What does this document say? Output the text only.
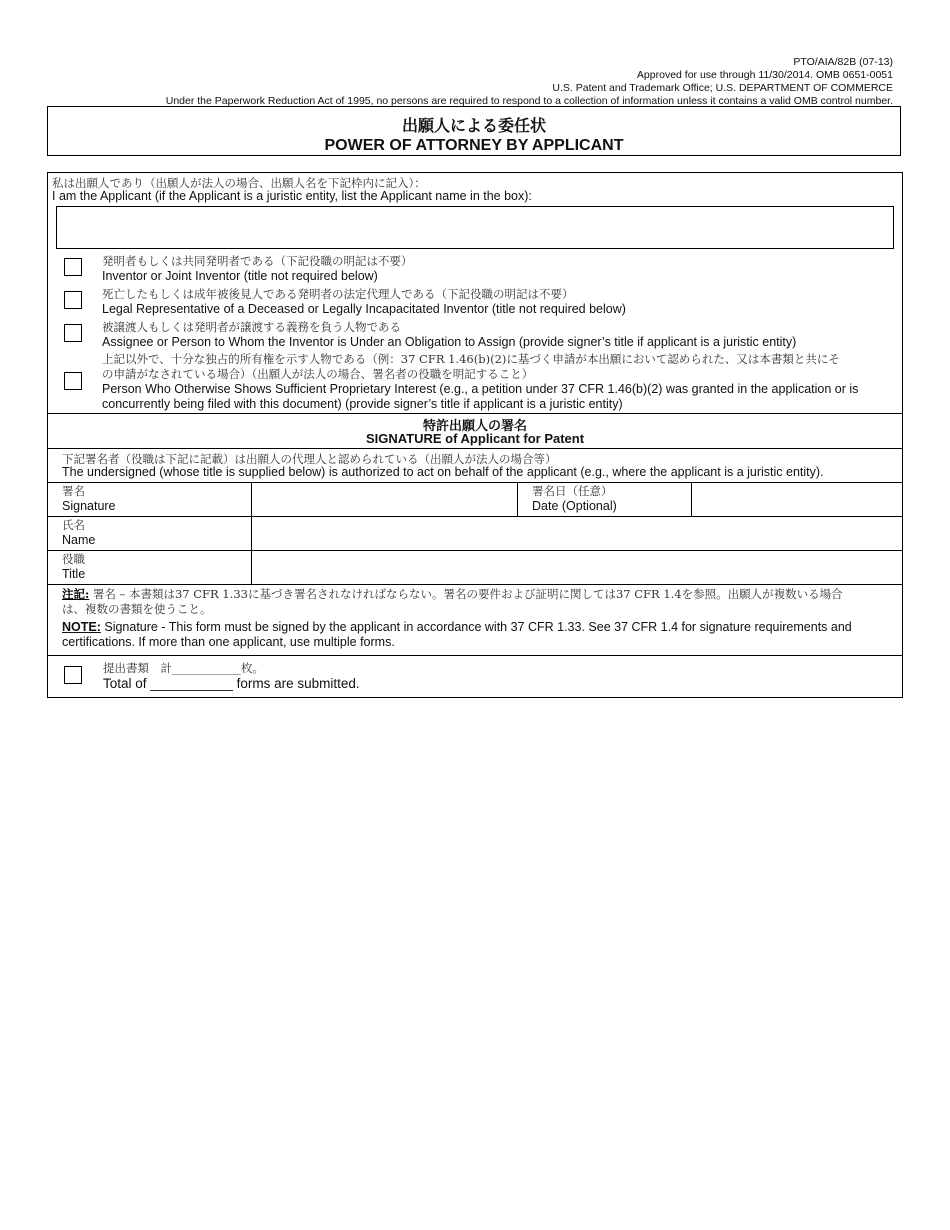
PTO/AIA/82B (07-13)
Approved for use through 11/30/2014. OMB 0651-0051
U.S. Patent and Trademark Office; U.S. DEPARTMENT OF COMMERCE
Under the Paperwork Reduction Act of 1995, no persons are required to respond to a collection of information unless it contains a valid OMB control number.
出願人による委任状
POWER OF ATTORNEY BY APPLICANT
私は出願人であり（出願人が法人の場合、出願人名を下記枠内に記入）：
I am the Applicant (if the Applicant is a juristic entity, list the Applicant name in the box):
発明者もしくは共同発明者である（下記役職の明記は不要）
Inventor or Joint Inventor (title not required below)
死亡したもしくは成年被後見人である発明者の法定代理人である（下記役職の明記は不要）
Legal Representative of a Deceased or Legally Incapacitated Inventor (title not required below)
被譲渡人もしくは発明者が譲渡する義務を負う人物である
Assignee or Person to Whom the Inventor is Under an Obligation to Assign (provide signer’s title if applicant is a juristic entity)
上記以外で、十分な独占的所有権を示す人物である（例：37 CFR 1.46(b)(2)に基づく申請が本出願において認められた、又は本書類と共にそ
の申請がなされている場合）（出願人が法人の場合、署名者の役職を明記すること）
Person Who Otherwise Shows Sufficient Proprietary Interest (e.g., a petition under 37 CFR 1.46(b)(2) was granted in the application or is
concurrently being filed with this document) (provide signer’s title if applicant is a juristic entity)
特許出願人の署名
SIGNATURE of Applicant for Patent
下記署名者（役職は下記に記載）は出願人の代理人と認められている（出願人が法人の場合等）
The undersigned (whose title is supplied below) is authorized to act on behalf of the applicant (e.g., where the applicant is a juristic entity).
署名
Signature
署名日（任意）
Date (Optional)
氏名
Name
役職
Title
注記: 署名 – 本書類は37 CFR 1.33に基づき署名されなければならない。署名の要件および証明に関しては37 CFR 1.4を参照。出願人が複数いる場合
は、複数の書類を使うこと。
NOTE: Signature - This form must be signed by the applicant in accordance with 37 CFR 1.33. See 37 CFR 1.4 for signature requirements and
certifications. If more than one applicant, use multiple forms.
提出書類　計____________枚。
Total of ___________ forms are submitted.
